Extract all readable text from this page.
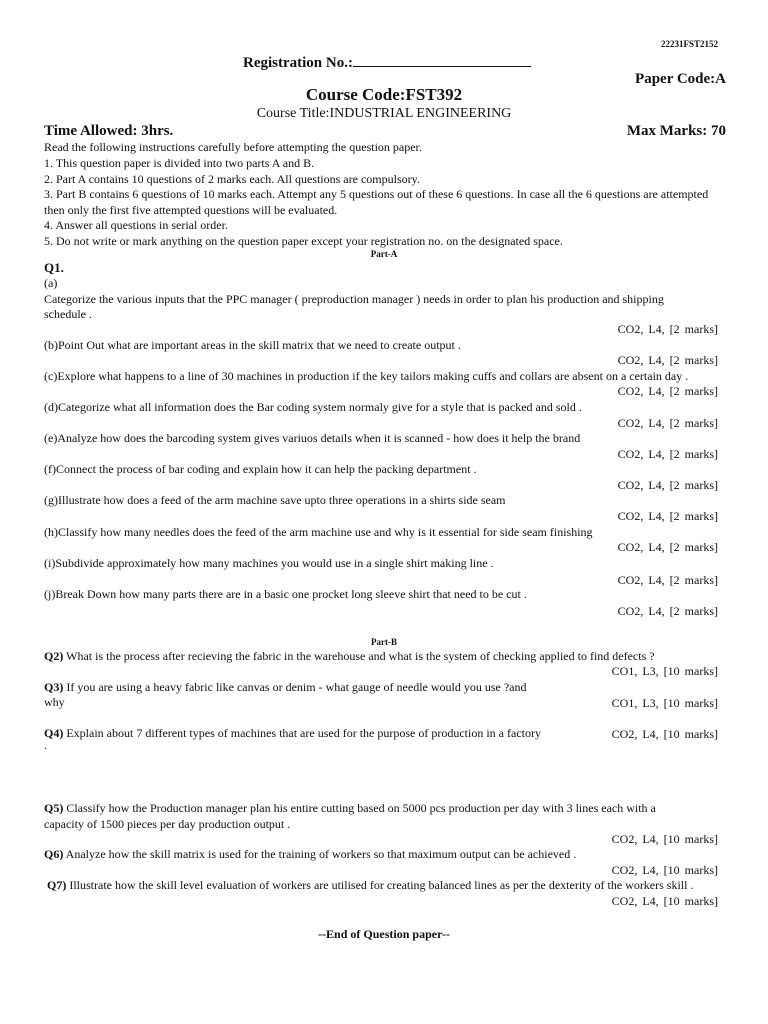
22231FST2152
Registration No.:
Paper Code:A
Course Code:FST392
Course Title:INDUSTRIAL ENGINEERING
Time Allowed: 3hrs.	Max Marks: 70
Read the following instructions carefully before attempting the question paper.
1. This question paper is divided into two parts A and B.
2. Part A contains 10 questions of 2 marks each. All questions are compulsory.
3. Part B contains 6 questions of 10 marks each. Attempt any 5 questions out of these 6 questions. In case all the 6 questions are attempted
then only the first five attempted questions will be evaluated.
4. Answer all questions in serial order.
5. Do not write or mark anything on the question paper except your registration no. on the designated space.
Part-A
Q1.
(a)
Categorize the various inputs that the PPC manager ( preproduction manager ) needs in order to plan his production and shipping
schedule .
CO2, L4, [2 marks]
(b)Point Out what are important areas in the skill matrix that we need to create output .
CO2, L4, [2 marks]
(c)Explore what happens to a line of 30 machines in production if the key tailors making cuffs and collars are absent on a certain day .
CO2, L4, [2 marks]
(d)Categorize what all information does the Bar coding system normaly give for a style that is packed and sold .
CO2, L4, [2 marks]
(e)Analyze how does the barcoding system gives variuos details when it is scanned - how does it help the brand
CO2, L4, [2 marks]
(f)Connect the process of bar coding and explain how it can help the packing department .
CO2, L4, [2 marks]
(g)Illustrate how does a feed of the arm machine save upto three operations in a shirts side seam
CO2, L4, [2 marks]
(h)Classify how many needles does the feed of the arm machine use and why is it essential for side seam finishing
CO2, L4, [2 marks]
(i)Subdivide approximately how many machines you would use in a single shirt making line .
CO2, L4, [2 marks]
(j)Break Down how many parts there are in a basic one procket long sleeve shirt that need to be cut .
CO2, L4, [2 marks]
Part-B
Q2) What is the process after recieving the fabric in the warehouse and what is the system of checking applied to find defects ?
CO1, L3, [10 marks]
Q3) If you are using a heavy fabric like canvas or denim - what gauge of needle would you use ?and
why	CO1, L3, [10 marks]
Q4) Explain about 7 different types of machines that are used for the purpose of production in a factory
.
CO2, L4, [10 marks]
Q5) Classify how the Production manager plan his entire cutting based on 5000 pcs production per day with 3 lines each with a
capacity of 1500 pieces per day production output .
CO2, L4, [10 marks]
Q6) Analyze how the skill matrix is used for the training of workers so that maximum output can be achieved .
CO2, L4, [10 marks]
Q7) Illustrate how the skill level evaluation of workers are utilised for creating balanced lines as per the dexterity of the workers skill .
CO2, L4, [10 marks]
--End of Question paper--
